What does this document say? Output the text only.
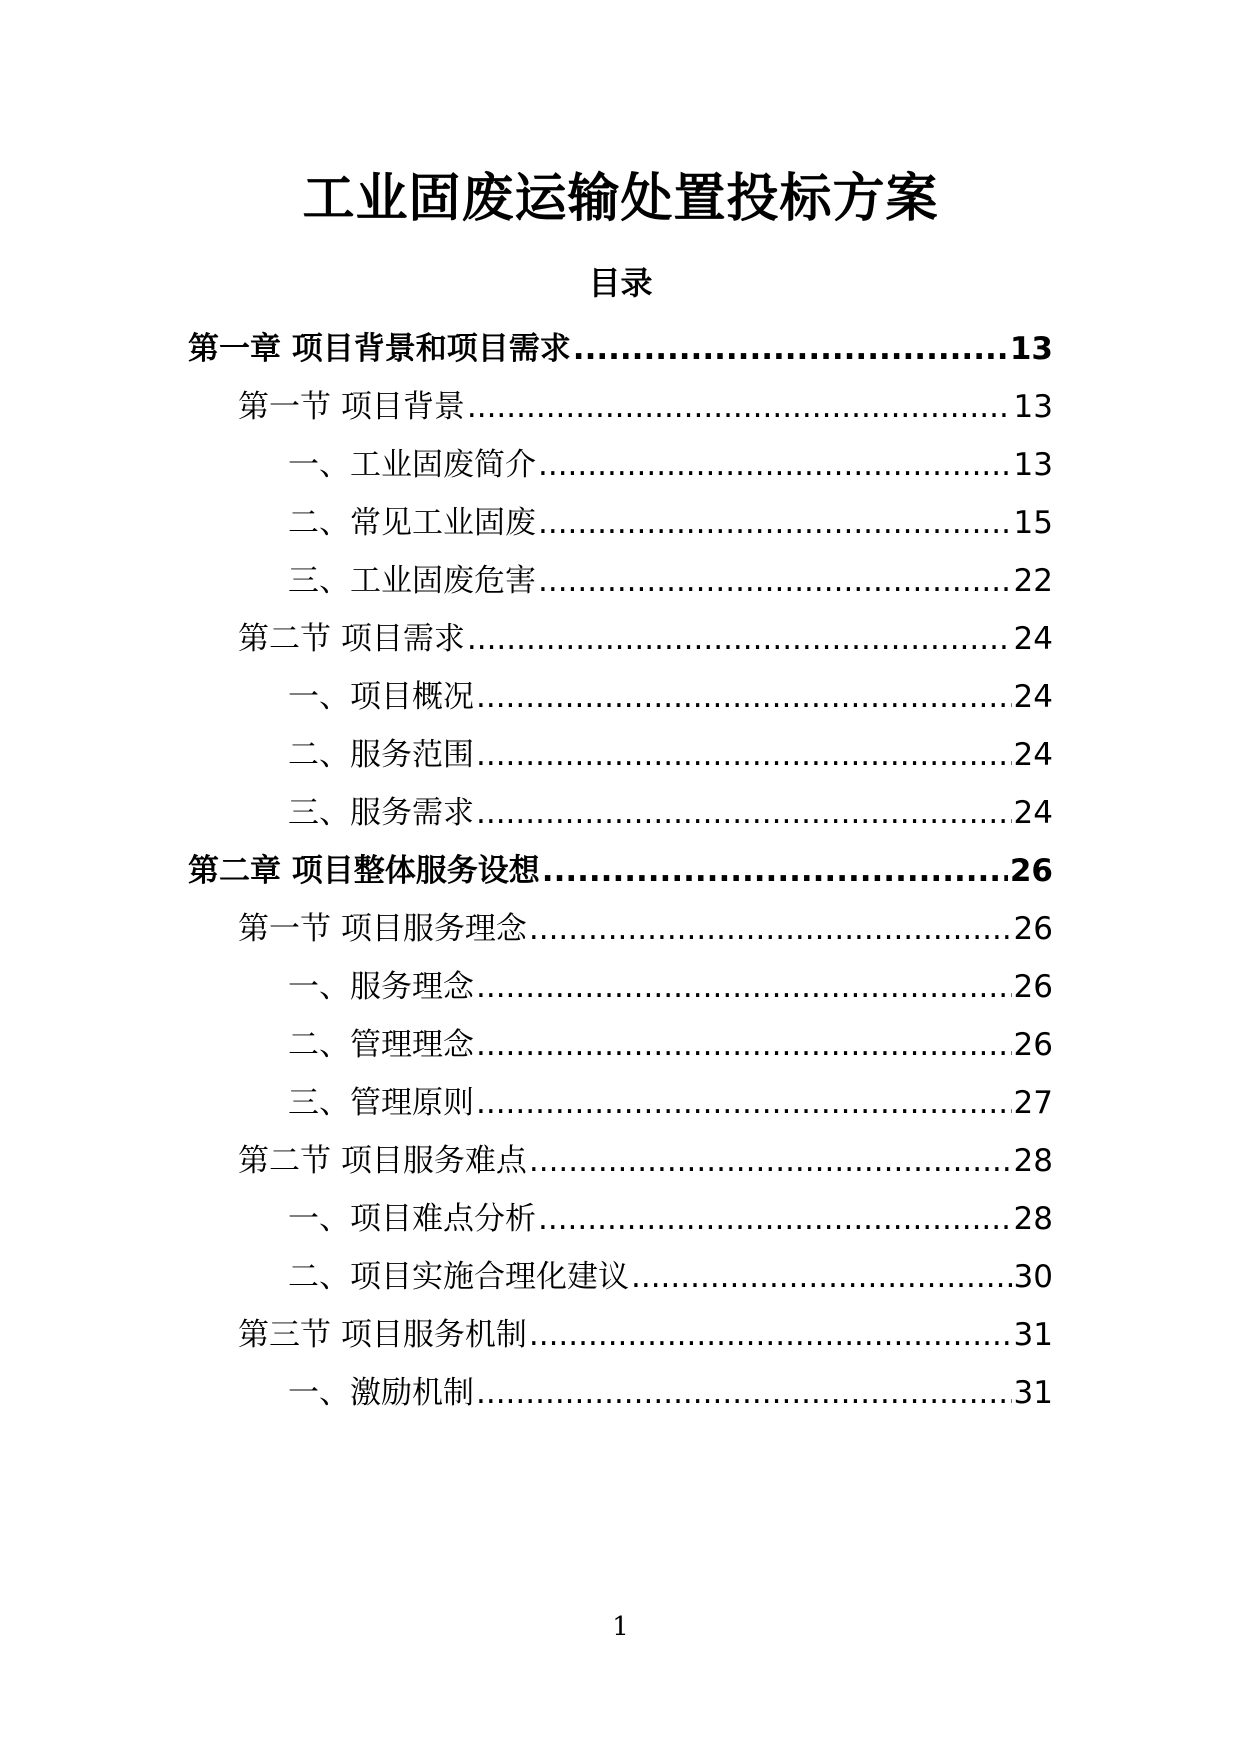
工业固废运输处置投标方案
目录
第一章 项目背景和项目需求 .....	13
第一节 项目背景 .....	13
一、工业固废简介 .....	13
二、常见工业固废 .....	15
三、工业固废危害 .....	22
第二节 项目需求 .....	24
一、项目概况 .....	24
二、服务范围 .....	24
三、服务需求 .....	24
第二章 项目整体服务设想 .....	26
第一节 项目服务理念 .....	26
一、服务理念 .....	26
二、管理理念 .....	26
三、管理原则 .....	27
第二节 项目服务难点 .....	28
一、项目难点分析 .....	28
二、项目实施合理化建议 .....	30
第三节 项目服务机制 .....	31
一、激励机制 .....	31
1
